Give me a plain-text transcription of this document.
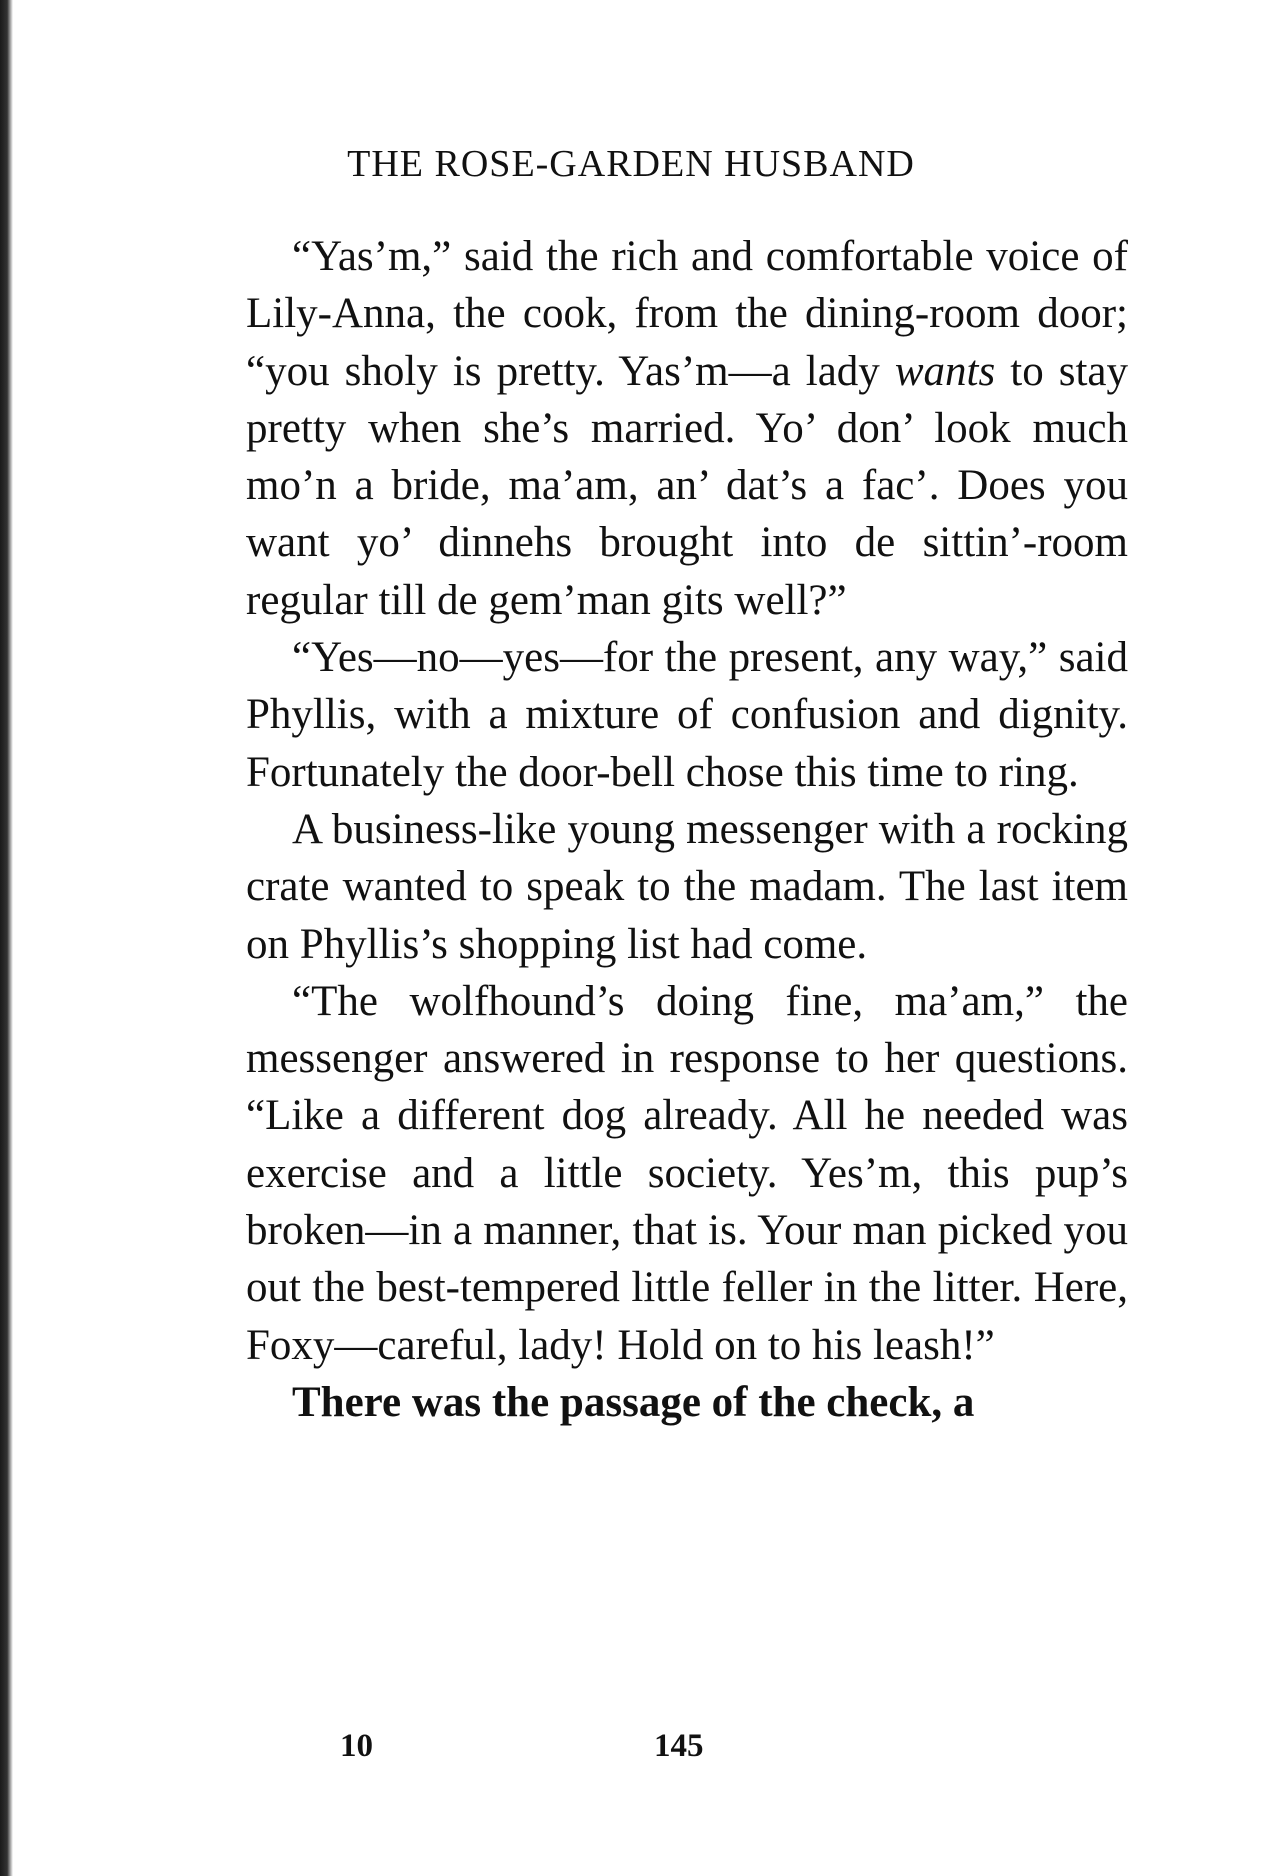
THE ROSE-GARDEN HUSBAND

“Yas’m,” said the rich and comfortable voice of Lily-Anna, the cook, from the dining-room door; “you sholy is pretty. Yas’m—a lady wants to stay pretty when she’s married. Yo’ don’ look much mo’n a bride, ma’am, an’ dat’s a fac’. Does you want yo’ dinnehs brought into de sittin’-room regular till de gem’man gits well?”

“Yes—no—yes—for the present, any way,” said Phyllis, with a mixture of confusion and dignity. Fortunately the door-bell chose this time to ring.

A business-like young messenger with a rocking crate wanted to speak to the madam. The last item on Phyllis’s shopping list had come.

“The wolfhound’s doing fine, ma’am,” the messenger answered in response to her questions. “Like a different dog already. All he needed was exercise and a little society. Yes’m, this pup’s broken—in a manner, that is. Your man picked you out the best-tempered little feller in the litter. Here, Foxy—careful, lady! Hold on to his leash!”

There was the passage of the check, a

10	145
